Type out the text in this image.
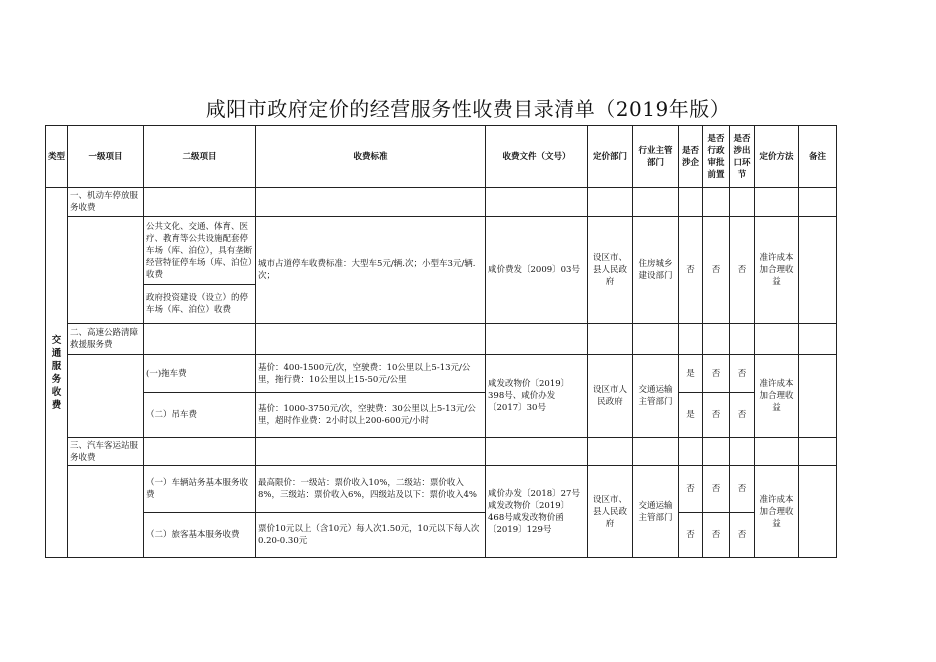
咸阳市政府定价的经营服务性收费目录清单（2019年版）
类型	一级项目	二级项目	收费标准	收费文件（文号）	定价部门	行业主管部门	是否涉企	是否行政审批前置	是否涉出口环节	定价方法	备注
交通服务收费	一、机动车停放服务收费										
		公共文化、交通、体育、医疗、教育等公共设施配套停车场（库、泊位），具有垄断经营特征停车场（库、泊位）收费	城市占道停车收费标准：大型车5元/辆.次；小型车3元/辆.次；	咸价费发〔2009〕03号	设区市、县人民政府	住房城乡建设部门	否	否	否	准许成本加合理收益	
		政府投资建设（设立）的停车场（库、泊位）收费									
	二、高速公路清障救援服务费										
		(一)拖车费	基价：400-1500元/次，空驶费：10公里以上5-13元/公里，拖行费：10公里以上15-50元/公里	咸发改物价〔2019〕398号、咸价办发〔2017〕30号	设区市人民政府	交通运输主管部门	是	否	否	准许成本加合理收益	
		（二）吊车费	基价：1000-3750元/次，空驶费：30公里以上5-13元/公里，超时作业费：2小时以上200-600元/小时				是	否	否		
	三、汽车客运站服务收费										
		（一）车辆站务基本服务收费	最高限价：一级站：票价收入10%，二级站：票价收入8%，三级站：票价收入6%，四级站及以下：票价收入4%	咸价办发〔2018〕27号咸发改物价〔2019〕468号咸发改物价函〔2019〕129号	设区市、县人民政府	交通运输主管部门	否	否	否	准许成本加合理收益	
		（二）旅客基本服务收费	票价10元以上（含10元）每人次1.50元，10元以下每人次0.20-0.30元				否	否	否		
